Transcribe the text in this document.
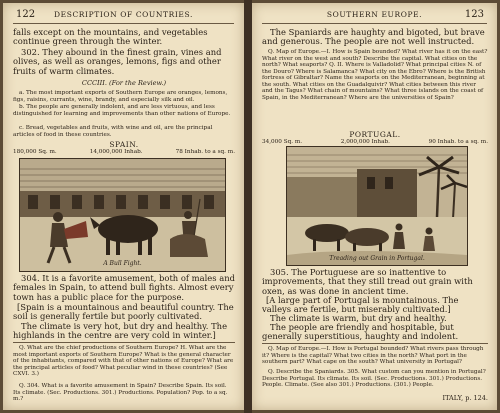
122	DESCRIPTION OF COUNTRIES.

falls except on the mountains, and vegetables continue green through the winter.

302. They abound in the finest grain, vines and olives, as well as oranges, lemons, figs and other fruits of warm climates.

CCCIII. (For the Review.)

a. The most important exports of Southern Europe are oranges, lemons, figs, raisins, currants, wine, brandy, and especially silk and oil.

b. The people are generally indolent, and are less virtuous, and less distinguished for learning and improvements than other nations of Europe.

c. Bread, vegetables and fruits, with wine and oil, are the principal articles of food in these countries.

SPAIN.

180,000 Sq. m.	14,000,000 Inhab.	78 Inhab. to a sq. m.
A Bull Fight.

304. It is a favorite amusement, both of males and females in Spain, to attend bull fights. Almost every town has a public place for the purpose.

[Spain is a mountainous and beautiful country. The soil is generally fertile but poorly cultivated.

The climate is very hot, but dry and healthy. The highlands in the centre are very cold in winter.]

Q. What are the chief productions of Southern Europe? H. What are the most important exports of Southern Europe? What is the general character of the inhabitants, compared with that of other nations of Europe? What are the principal articles of food? What peculiar wind in these countries? (See CXVI. 3.)

Q. 304. What is a favorite amusement in Spain? Describe Spain. Its soil. Its climate. (Sec. Productions. 301.) Productions. Population? Pop. to a sq. m.?

SOUTHERN EUROPE.	123

The Spaniards are haughty and bigoted, but brave and generous. The people are not well instructed.

Q. Map of Europe.—I. How is Spain bounded? What river has it on the east? What river on the west and south? Describe the capital. What cities on the north? What seaports? Q. II. Where is Valladolid? What principal cities N. of the Douro? Where is Salamanca? What city on the Ebro? Where is the British fortress of Gibraltar? Name the seaports on the Mediterranean, beginning at the south. What cities on the Guadalquivir? What cities between this river and the Tagus? What chain of mountains? What three islands on the coast of Spain, in the Mediterranean? Where are the universities of Spain?

PORTUGAL.

34,000 Sq. m.	2,000,000 Inhab.	90 Inhab. to a sq. m.
Treading out Grain in Portugal.

305. The Portuguese are so inattentive to improvements, that they still tread out grain with oxen, as was done in ancient time.

[A large part of Portugal is mountainous. The valleys are fertile, but miserably cultivated.]

The climate is warm, but dry and healthy.

The people are friendly and hospitable, but generally superstitious, haughty and indolent.

Q. Map of Europe.—I. How is Portugal bounded? What rivers pass through it? Where is the capital? What two cities in the north? What port in the southern part? What cape on the south? What university in Portugal?

Q. Describe the Spaniards. 305. What custom can you mention in Portugal? Describe Portugal. Its climate. Its soil. (Sec. Productions. 301.) Productions. People. Climate. (See also 301.) Productions. (301.) People.

ITALY, p. 124.
